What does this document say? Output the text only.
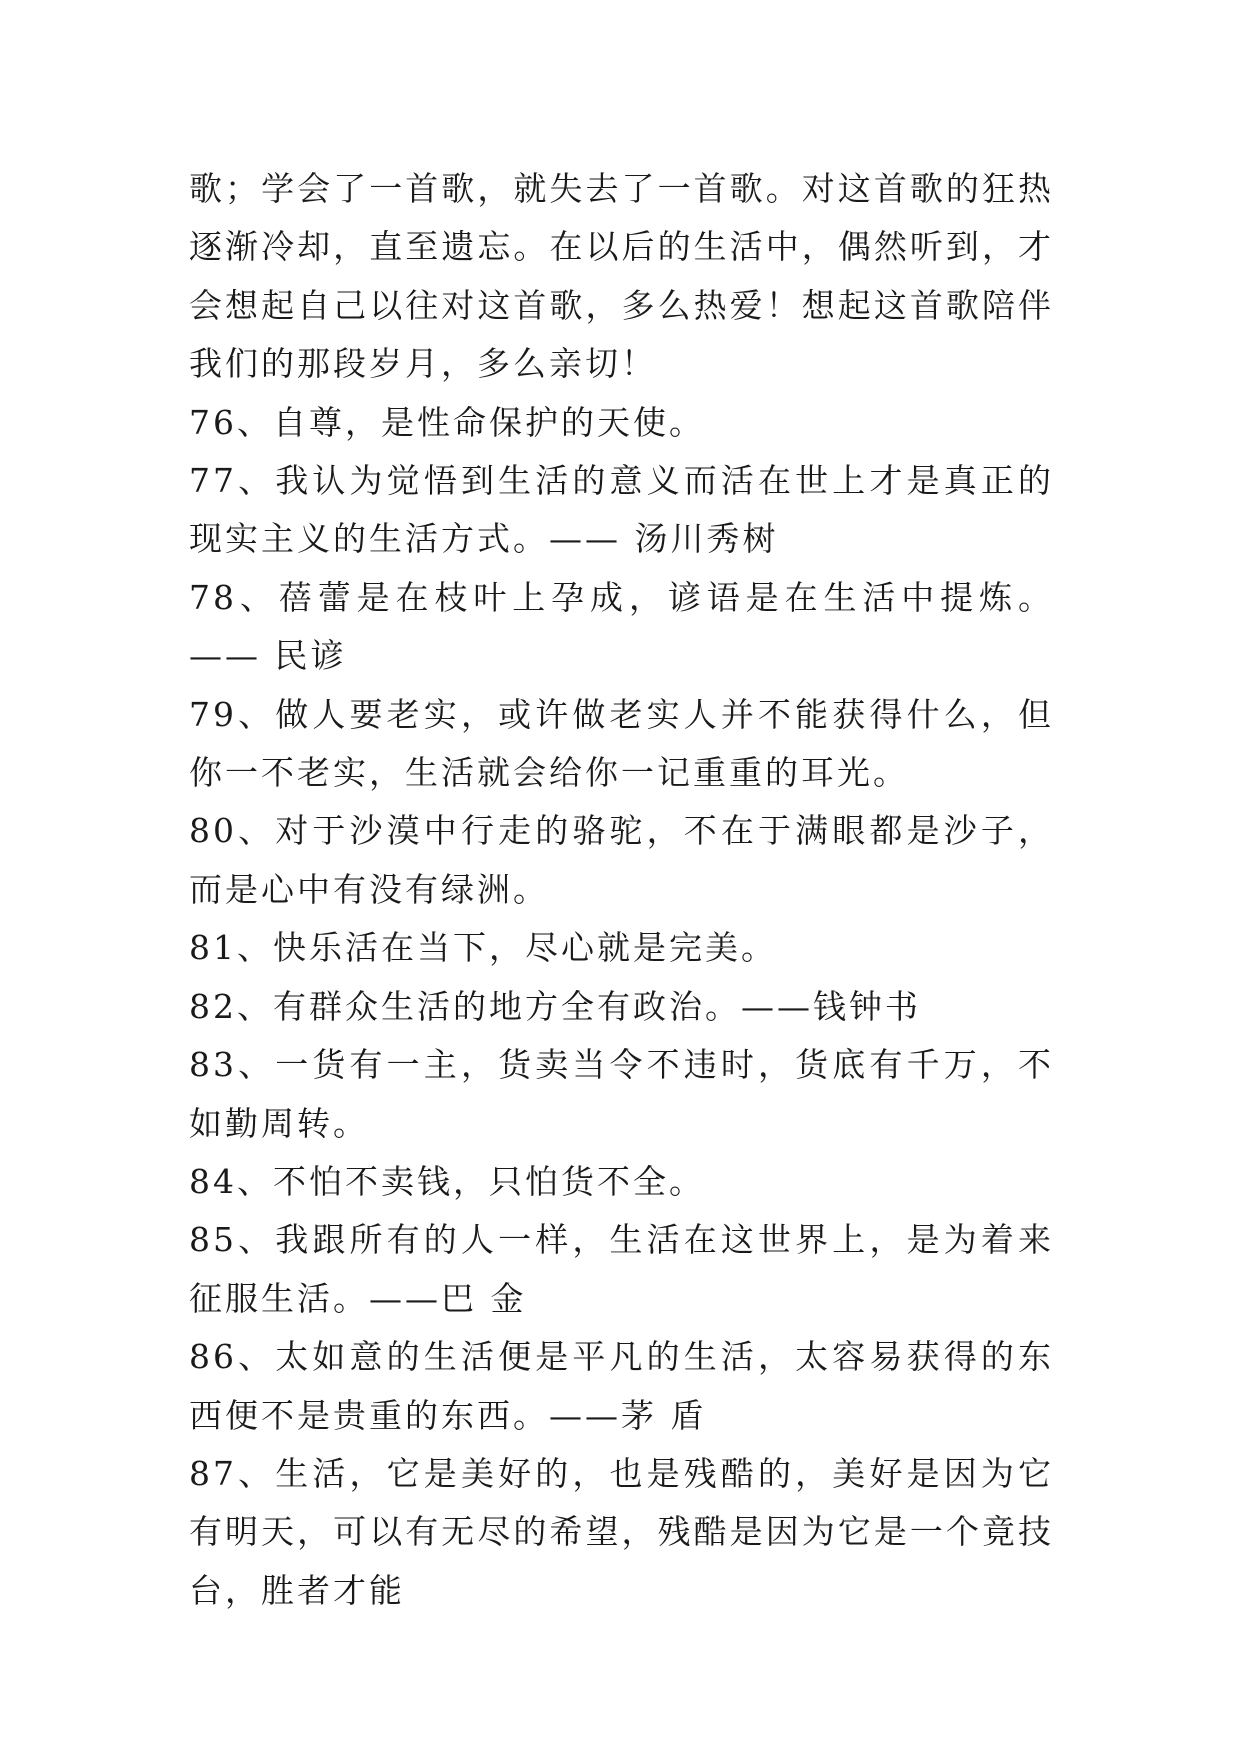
歌；学会了一首歌，就失去了一首歌。对这首歌的狂热逐渐冷却，直至遗忘。在以后的生活中，偶然听到，才会想起自己以往对这首歌，多么热爱！想起这首歌陪伴我们的那段岁月，多么亲切！

76、自尊，是性命保护的天使。

77、我认为觉悟到生活的意义而活在世上才是真正的现实主义的生活方式。—— 汤川秀树

78、蓓蕾是在枝叶上孕成，谚语是在生活中提炼。—— 民谚

79、做人要老实，或许做老实人并不能获得什么，但你一不老实，生活就会给你一记重重的耳光。

80、对于沙漠中行走的骆驼，不在于满眼都是沙子，而是心中有没有绿洲。

81、快乐活在当下，尽心就是完美。

82、有群众生活的地方全有政治。——钱钟书

83、一货有一主，货卖当令不违时，货底有千万，不如勤周转。

84、不怕不卖钱，只怕货不全。

85、我跟所有的人一样，生活在这世界上，是为着来征服生活。——巴 金

86、太如意的生活便是平凡的生活，太容易获得的东西便不是贵重的东西。——茅 盾

87、生活，它是美好的，也是残酷的，美好是因为它有明天，可以有无尽的希望，残酷是因为它是一个竟技台，胜者才能
